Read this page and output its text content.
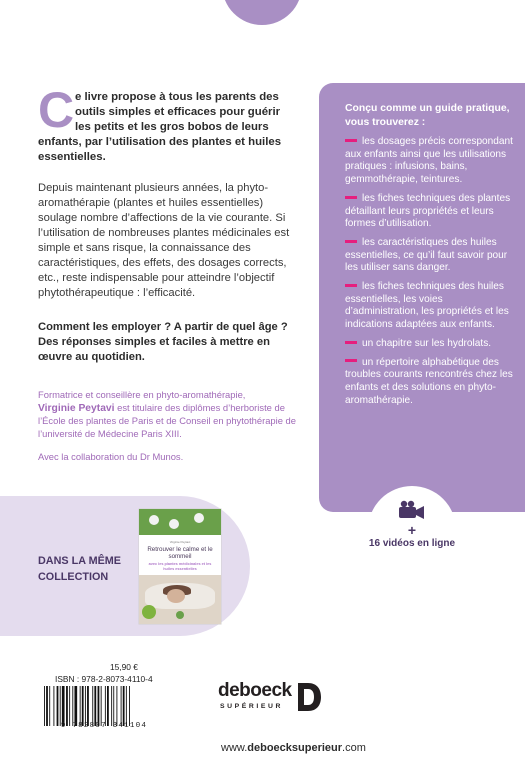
Ce livre propose à tous les parents des outils simples et efficaces pour guérir les petits et les gros bobos de leurs enfants, par l’utilisation des plantes et huiles essentielles.
Depuis maintenant plusieurs années, la phyto-aromathérapie (plantes et huiles essentielles) soulage nombre d’affections de la vie courante. Si l’utilisation de nombreuses plantes médicinales est simple et sans risque, la connaissance des caractéristiques, des effets, des dosages corrects, etc., reste indispensable pour atteindre l’objectif phytothérapeutique : l’efficacité.
Comment les employer ? A partir de quel âge ? Des réponses simples et faciles à mettre en œuvre au quotidien.
Formatrice et conseillère en phyto-aromathérapie,
Virginie Peytavi est titulaire des diplômes d’herboriste de l’École des plantes de Paris et de Conseil en phytothérapie de l’université de Médecine Paris XIII.
Avec la collaboration du Dr Munos.
Conçu comme un guide pratique, vous trouverez :
les dosages précis correspondant aux enfants ainsi que les utilisations pratiques : infusions, bains, gemmothérapie, teintures.
les fiches techniques des plantes détaillant leurs propriétés et leurs formes d’utilisation.
les caractéristiques des huiles essentielles, ce qu’il faut savoir pour les utiliser sans danger.
les fiches techniques des huiles essentielles, les voies d’administration, les propriétés et les indications adaptées aux enfants.
un chapitre sur les hydrolats.
un répertoire alphabétique des troubles courants rencontrés chez les enfants et des solutions en phyto-aromathérapie.
+
16 vidéos en ligne
DANS LA MÊME COLLECTION
Virginie Peytavi
Retrouver le calme et le sommeil
avec les plantes médicinales et les huiles essentielles
15,90 €
ISBN : 978-2-8073-4110-4
9 782807 341104
deboeck
SUPÉRIEUR
www.deboecksuperieur.com
